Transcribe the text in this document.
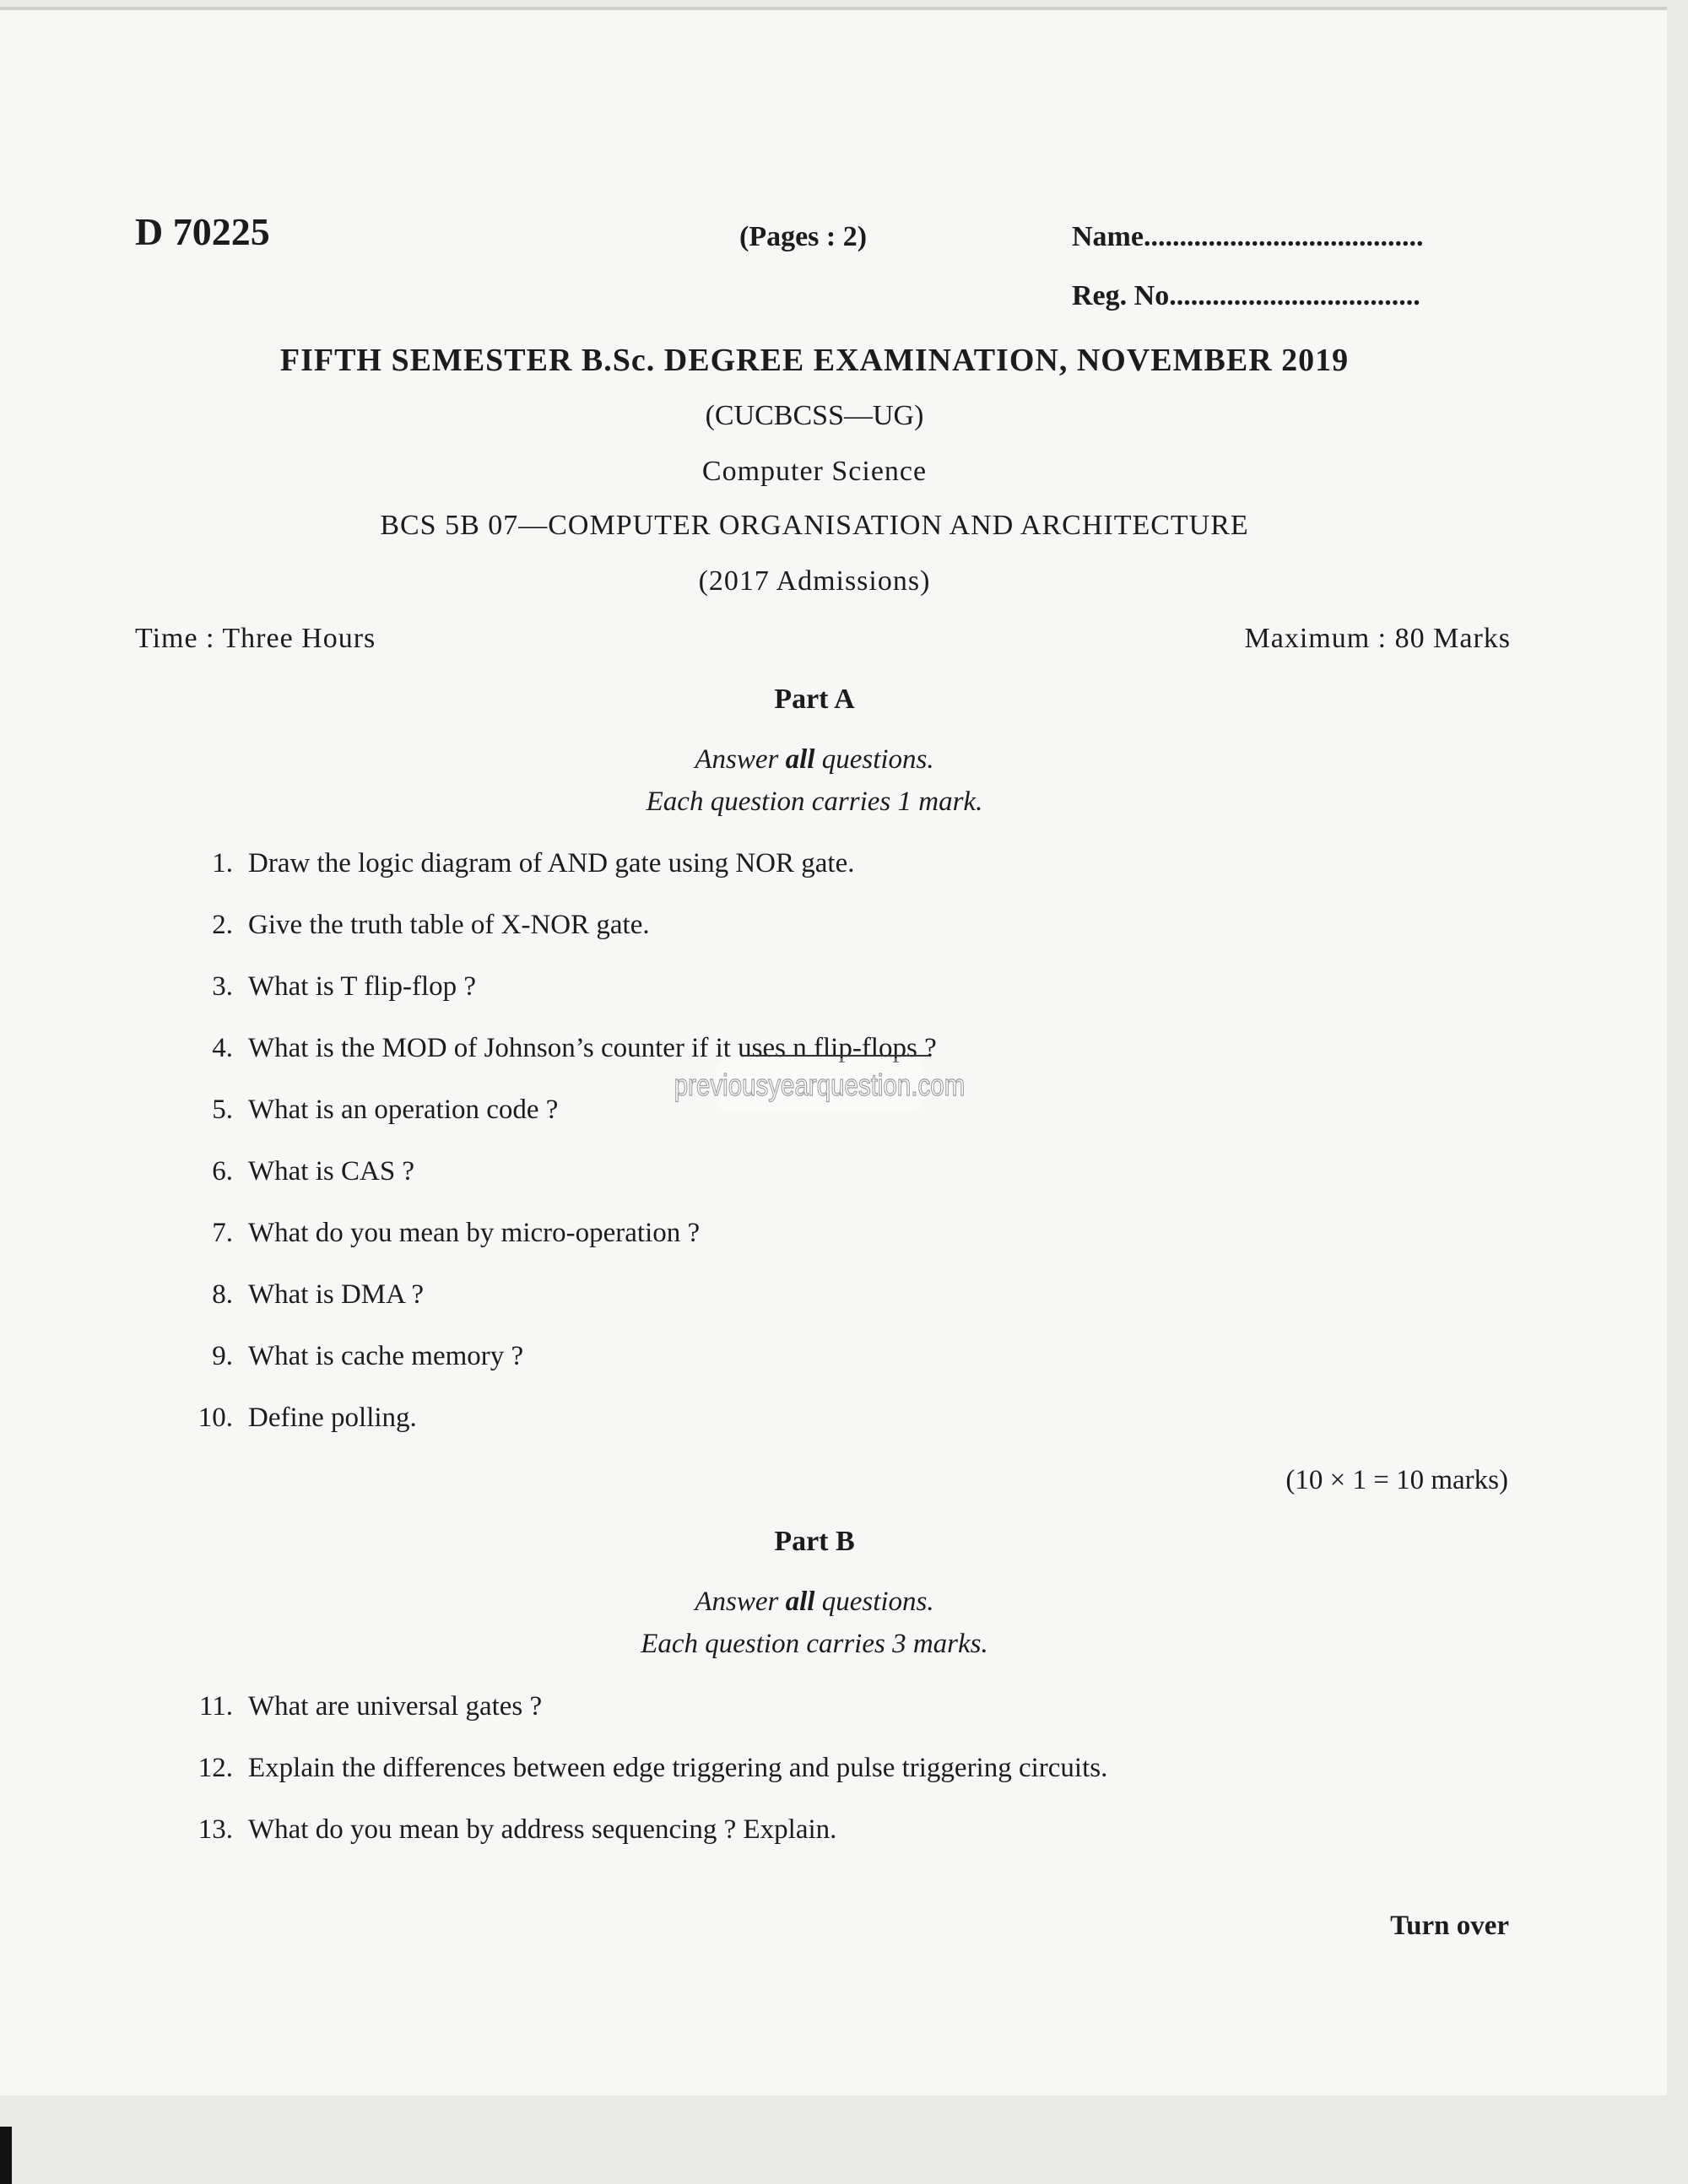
D 70225	(Pages : 2)	Name.......................................
Reg. No...................................
FIFTH SEMESTER B.Sc. DEGREE EXAMINATION, NOVEMBER 2019
(CUCBCSS—UG)
Computer Science
BCS 5B 07—COMPUTER ORGANISATION AND ARCHITECTURE
(2017 Admissions)
Time : Three Hours	Maximum : 80 Marks
Part A
Answer all questions.
Each question carries 1 mark.
1. Draw the logic diagram of AND gate using NOR gate.
2. Give the truth table of X-NOR gate.
3. What is T flip-flop ?
4. What is the MOD of Johnson’s counter if it uses n flip-flops ?
5. What is an operation code ?
6. What is CAS ?
7. What do you mean by micro-operation ?
8. What is DMA ?
9. What is cache memory ?
10. Define polling.
(10 × 1 = 10 marks)
Part B
Answer all questions.
Each question carries 3 marks.
11. What are universal gates ?
12. Explain the differences between edge triggering and pulse triggering circuits.
13. What do you mean by address sequencing ? Explain.
Turn over
previousyearquestion.com
